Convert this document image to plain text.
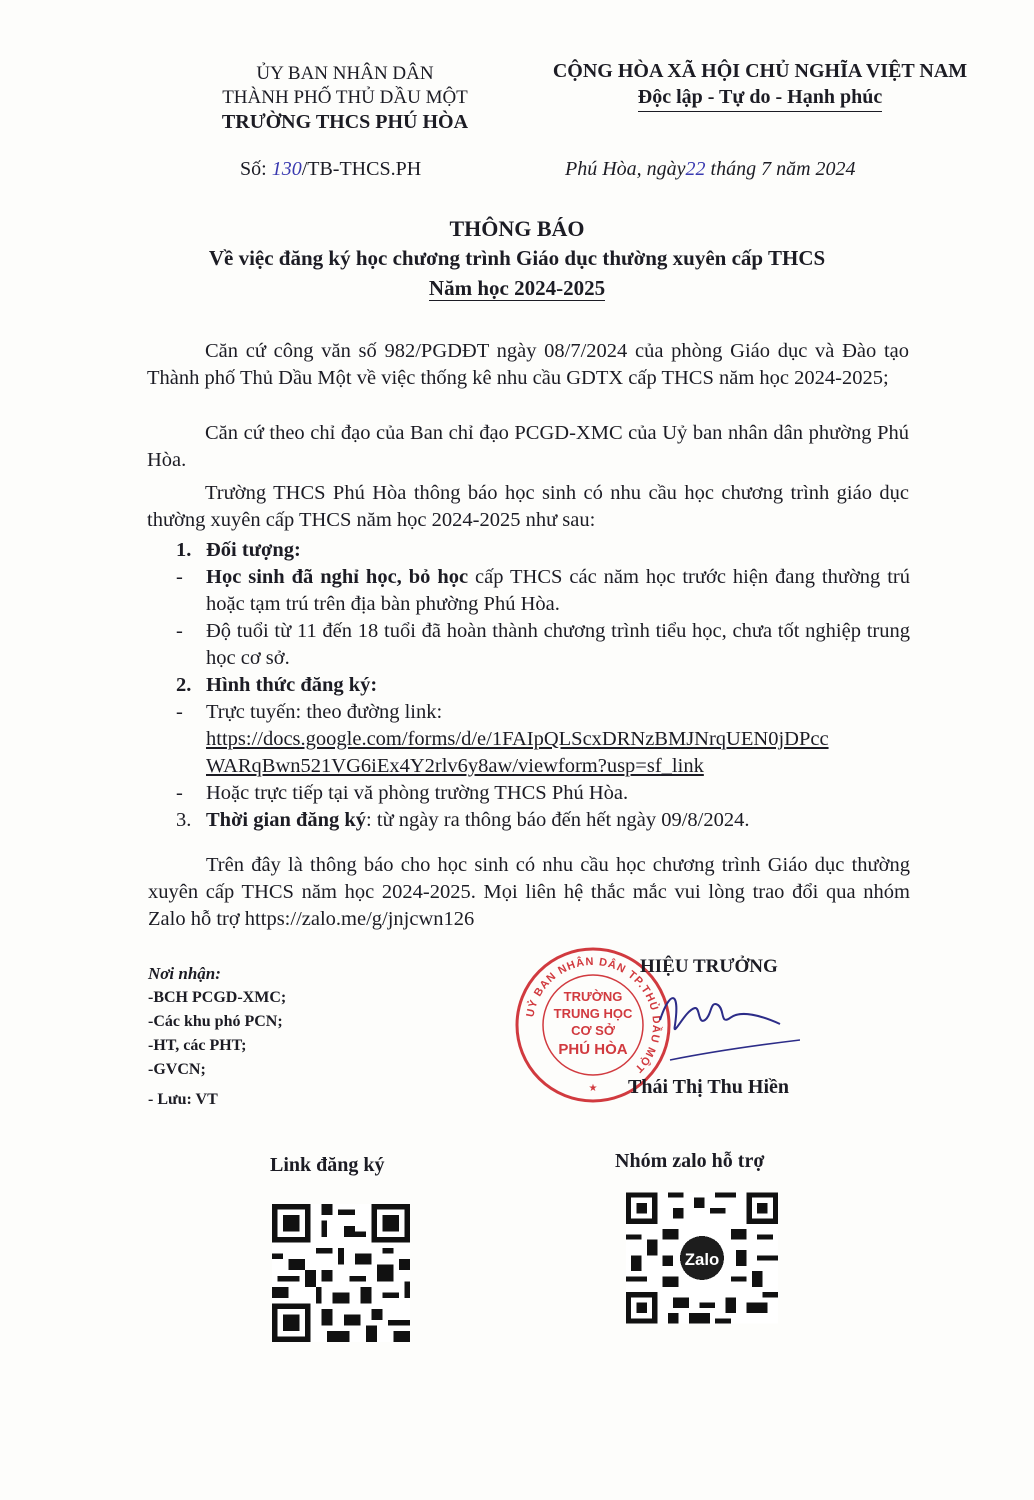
ỦY BAN NHÂN DÂN
THÀNH PHỐ THỦ DẦU MỘT
TRƯỜNG THCS PHÚ HÒA
CỘNG HÒA XÃ HỘI CHỦ NGHĨA VIỆT NAM
Độc lập - Tự do - Hạnh phúc
Số: 130/TB-THCS.PH	Phú Hòa, ngày22 tháng 7 năm 2024
THÔNG BÁO
Về việc đăng ký học chương trình Giáo dục thường xuyên cấp THCS
Năm học 2024-2025
Căn cứ công văn số 982/PGDĐT ngày 08/7/2024 của phòng Giáo dục và Đào tạo Thành phố Thủ Dầu Một về việc thống kê nhu cầu GDTX cấp THCS năm học 2024-2025;
Căn cứ theo chỉ đạo của Ban chỉ đạo PCGD-XMC của Uỷ ban nhân dân phường Phú Hòa.
Trường THCS Phú Hòa thông báo học sinh có nhu cầu học chương trình giáo dục thường xuyên cấp THCS năm học 2024-2025 như sau:
1. Đối tượng:
- Học sinh đã nghỉ học, bỏ học cấp THCS các năm học trước hiện đang thường trú hoặc tạm trú trên địa bàn phường Phú Hòa.
- Độ tuổi từ 11 đến 18 tuổi đã hoàn thành chương trình tiểu học, chưa tốt nghiệp trung học cơ sở.
2. Hình thức đăng ký:
- Trực tuyến: theo đường link:
https://docs.google.com/forms/d/e/1FAIpQLScxDRNzBMJNrqUEN0jDPcc
WARqBwn521VG6iEx4Y2rlv6y8aw/viewform?usp=sf_link
- Hoặc trực tiếp tại vă phòng trường THCS Phú Hòa.
3. Thời gian đăng ký: từ ngày ra thông báo đến hết ngày 09/8/2024.
Trên đây là thông báo cho học sinh có nhu cầu học chương trình Giáo dục thường xuyên cấp THCS năm học 2024-2025. Mọi liên hệ thắc mắc vui lòng trao đổi qua nhóm Zalo hỗ trợ https://zalo.me/g/jnjcwn126
Nơi nhận:
-BCH PCGD-XMC;
-Các khu phó PCN;
-HT, các PHT;
-GVCN;
- Lưu: VT
UỶ BAN NHÂN DÂN TP.THỦ DẦU MỘT
TRƯỜNG
TRUNG HỌC
CƠ SỞ
PHÚ HÒA
★
HIỆU TRƯỞNG
Thái Thị Thu Hiền
Link đăng ký	Nhóm zalo hỗ trợ
Zalo
